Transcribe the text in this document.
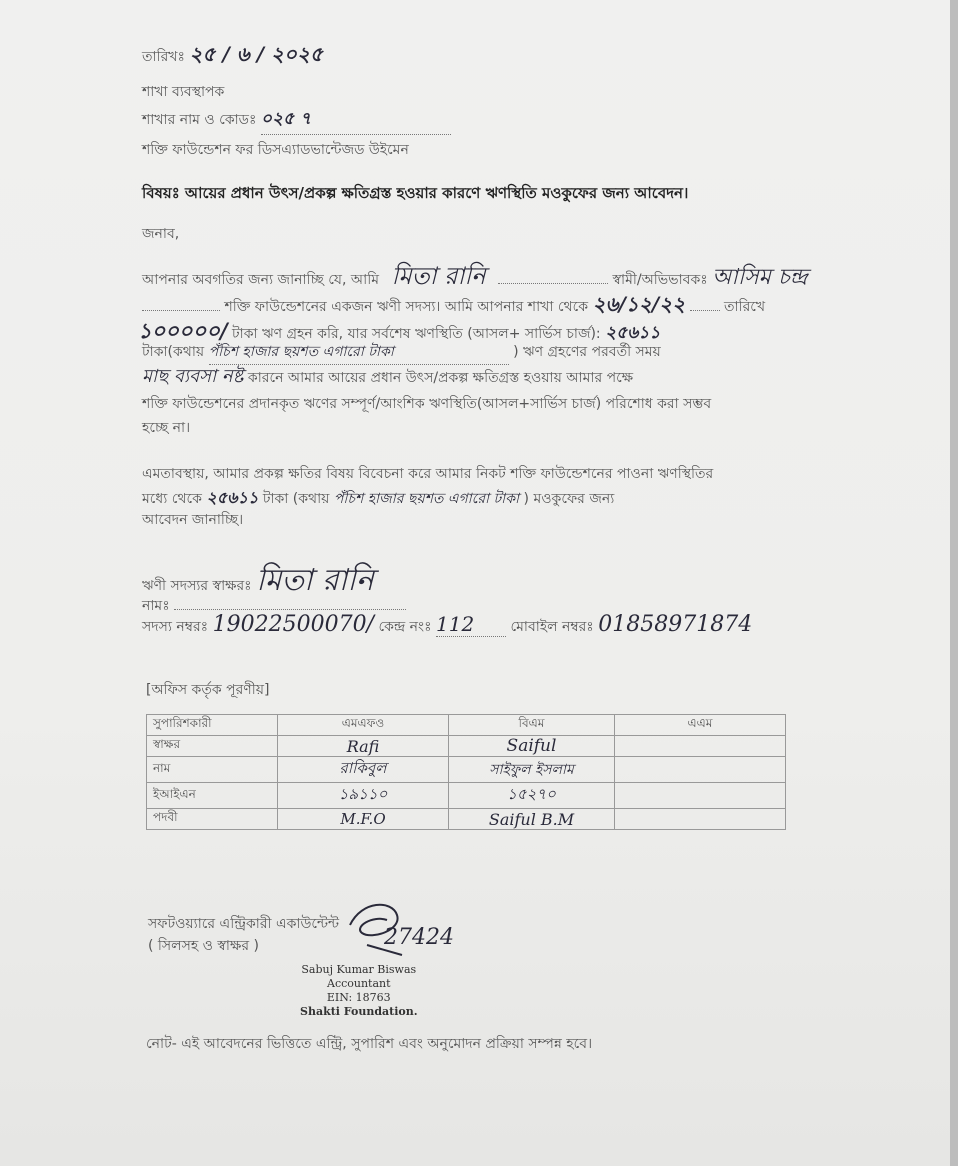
তারিখঃ ২৫ / ৬ / ২০২৫
শাখা ব্যবস্থাপক
শাখার নাম ও কোডঃ ০২৫ ৭
শক্তি ফাউন্ডেশন ফর ডিসএ্যাডভান্টেজড উইমেন
বিষয়ঃ আয়ের প্রধান উৎস/প্রকল্প ক্ষতিগ্রস্ত হওয়ার কারণে ঋণস্থিতি মওকুফের জন্য আবেদন।
জনাব,
আপনার অবগতির জন্য জানাচ্ছি যে, আমি মিতা রানি	স্বামী/অভিভাবকঃ আসিম চন্দ্র
শক্তি ফাউন্ডেশনের একজন ঋণী সদস্য। আমি আপনার শাখা থেকে ২৬/১২/২২	তারিখে
১০০০০০/ টাকা ঋণ গ্রহন করি, যার সর্বশেষ ঋণস্থিতি (আসল+ সার্ভিস চার্জ): ২৫৬১১
টাকা(কথায় পঁচিশ হাজার ছয়শত এগারো টাকা	) ঋণ গ্রহণের পরবর্তী সময়
মাছ ব্যবসা নষ্ট কারনে আমার আয়ের প্রধান উৎস/প্রকল্প ক্ষতিগ্রস্ত হওয়ায় আমার পক্ষে
শক্তি ফাউন্ডেশনের প্রদানকৃত ঋণের সম্পূর্ণ/আংশিক ঋণস্থিতি(আসল+সার্ভিস চার্জ) পরিশোধ করা সম্ভব
হচ্ছে না।
এমতাবস্থায়, আমার প্রকল্প ক্ষতির বিষয় বিবেচনা করে আমার নিকট শক্তি ফাউন্ডেশনের পাওনা ঋণস্থিতির
মধ্যে থেকে ২৫৬১১ টাকা (কথায় পঁচিশ হাজার ছয়শত এগারো টাকা ) মওকুফের জন্য
আবেদন জানাচ্ছি।
ঋণী সদস্যর স্বাক্ষরঃ মিতা রানি
নামঃ
সদস্য নম্বরঃ 19022500070/ কেন্দ্র নংঃ 112	মোবাইল নম্বরঃ 01858971874
[অফিস কর্তৃক পূরণীয়]
সুপারিশকারী	এমএফও	বিএম	এএম
স্বাক্ষর	Rafi	Saiful	
নাম	রাকিবুল	সাইফুল ইসলাম	
ইআইএন	১৯১১০	১৫২৭০	
পদবী	M.F.O	Saiful B.M	
সফটওয়্যারে এন্ট্রিকারী একাউন্টেন্ট
( সিলসহ ও স্বাক্ষর )	27424
Sabuj Kumar Biswas
Accountant
EIN: 18763
Shakti Foundation.
নোট- এই আবেদনের ভিত্তিতে এন্ট্রি, সুপারিশ এবং অনুমোদন প্রক্রিয়া সম্পন্ন হবে।
